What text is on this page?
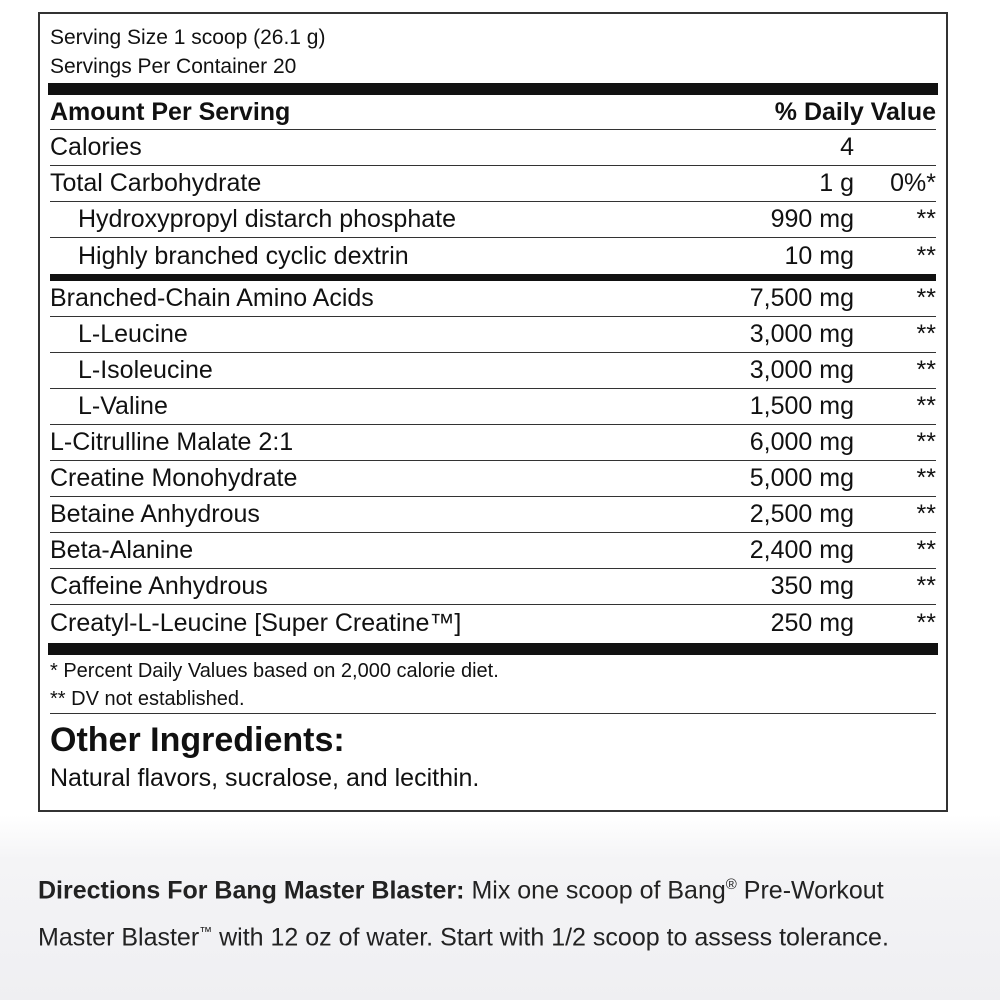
Serving Size 1 scoop (26.1 g)
Servings Per Container 20
Amount Per Serving	% Daily Value
Calories	4
Total Carbohydrate	1 g	0%*
Hydroxypropyl distarch phosphate	990 mg	**
Highly branched cyclic dextrin	10 mg	**
Branched-Chain Amino Acids	7,500 mg	**
L-Leucine	3,000 mg	**
L-Isoleucine	3,000 mg	**
L-Valine	1,500 mg	**
L-Citrulline Malate 2:1	6,000 mg	**
Creatine Monohydrate	5,000 mg	**
Betaine Anhydrous	2,500 mg	**
Beta-Alanine	2,400 mg	**
Caffeine Anhydrous	350 mg	**
Creatyl-L-Leucine [Super Creatine™]	250 mg	**
* Percent Daily Values based on 2,000 calorie diet.
** DV not established.
Other Ingredients:
Natural flavors, sucralose, and lecithin.
Directions For Bang Master Blaster: Mix one scoop of Bang® Pre-Workout Master Blaster™ with 12 oz of water. Start with 1/2 scoop to assess tolerance.
